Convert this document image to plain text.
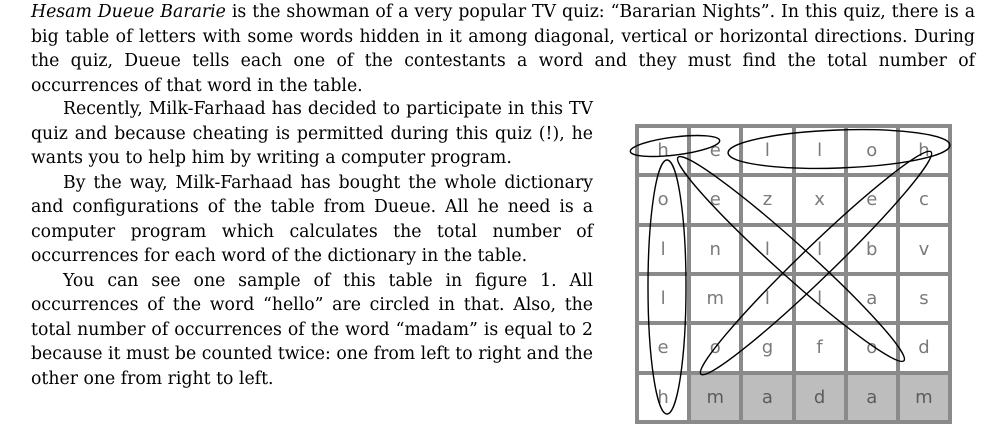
Hesam Dueue Bararie is the showman of a very popular TV quiz: “Bararian Nights”. In this quiz, there is a big table of letters with some words hidden in it among diagonal, vertical or horizontal directions. During the quiz, Dueue tells each one of the contestants a word and they must find the total number of occurrences of that word in the table.

Recently, Milk-Farhaad has decided to participate in this TV quiz and because cheating is permitted during this quiz (!), he wants you to help him by writing a computer program.

By the way, Milk-Farhaad has bought the whole dictionary and configurations of the table from Dueue. All he need is a computer program which calculates the total number of occurrences for each word of the dictionary in the table.

You can see one sample of this table in figure 1. All occurrences of the word “hello” are circled in that. Also, the total number of occurrences of the word “madam” is equal to 2 because it must be counted twice: one from left to right and the other one from right to left.

h	e	l	l	o	h
o	e	z	x	e	c
l	n	l	l	b	v
l	m	l	l	a	s
e	o	g	f	o	d
h	m	a	d	a	m
